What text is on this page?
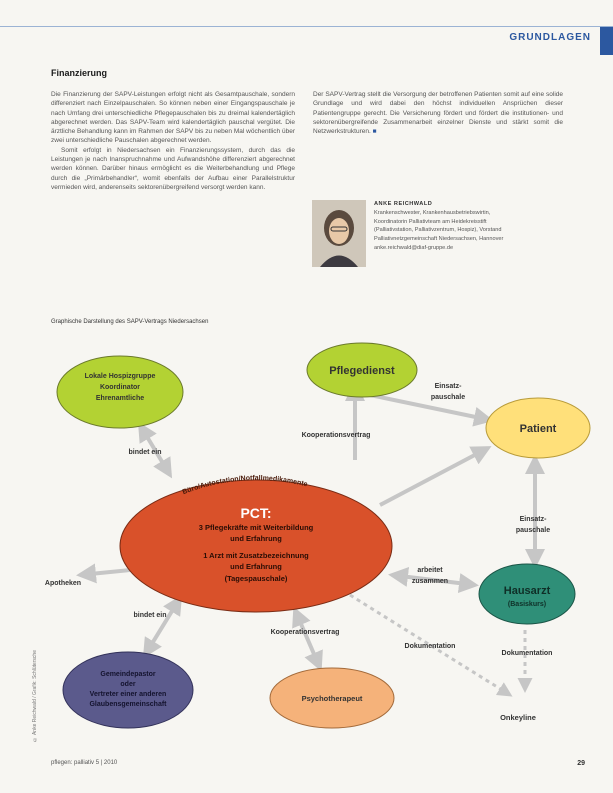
GRUNDLAGEN
Finanzierung

Die Finanzierung der SAPV-Leistungen erfolgt nicht als Gesamtpauschale, sondern differenziert nach Einzelpauschalen. So können neben einer Eingangspauschale je nach Umfang drei unterschiedliche Pflegepauschalen bis zu dreimal kalendertäglich abgerechnet werden. Das SAPV-Team wird kalendertäglich pauschal vergütet. Die ärztliche Behandlung kann im Rahmen der SAPV bis zu neben Mal wöchentlich über zwei unterschiedliche Pauschalen abgerechnet werden.

Somit erfolgt in Niedersachsen ein Finanzierungssystem, durch das die Leistungen je nach Inanspruchnahme und Aufwandshöhe differenziert abgerechnet werden können. Darüber hinaus ermöglicht es die Weiterbehandlung und Pflege durch die „Primärbehandler“, womit ebenfalls der Aufbau einer Parallelstruktur vermieden wird, anderenseits sektorenübergreifend versorgt werden kann.

Der SAPV-Vertrag stellt die Versorgung der betroffenen Patienten somit auf eine solide Grundlage und wird dabei den höchst individuellen Ansprüchen dieser Patientengruppe gerecht. Die Versicherung fördert und fördert die institutionen- und sektorenübergreifende Zusammenarbeit einzelner Dienste und stärkt somit die Netzwerkstrukturen. ■

ANKE REICHWALD
Krankenschwester, Krankenhausbetriebswirtin,
Koordinatorin Palliativteam am Heidekreisstift
(Palliativstation, Palliativzentrum, Hospiz), Vorstand
Palliativnetzgemeinschaft Niedersachsen, Hannover
anke.reichwald@diaf-gruppe.de
Graphische Darstellung des SAPV-Vertrags Niedersachsen
Lokale Hospizgruppe
Koordinator
Ehrenamtliche
Pflegedienst
Patient
Büro/Autostation/Notfallmedikamente
PCT:
3 Pflegekräfte mit Weiterbildung
und Erfahrung
1 Arzt mit Zusatzbezeichnung
und Erfahrung
(Tagespauschale)
Hausarzt
(Basiskurs)
Gemeindepastor
oder
Vertreter einer anderen
Glaubensgemeinschaft
Psychotherapeut
Onkeyline
Apotheken
Einsatz-
pauschale
Kooperationsvertrag
bindet ein
Einsatz-
pauschale
arbeitet
zusammen
bindet ein
Kooperationsvertrag
Dokumentation
Dokumentation
© Anke Reichwald / Grafik: Schlütersche
pflegen: palliativ 5 | 2010	29
